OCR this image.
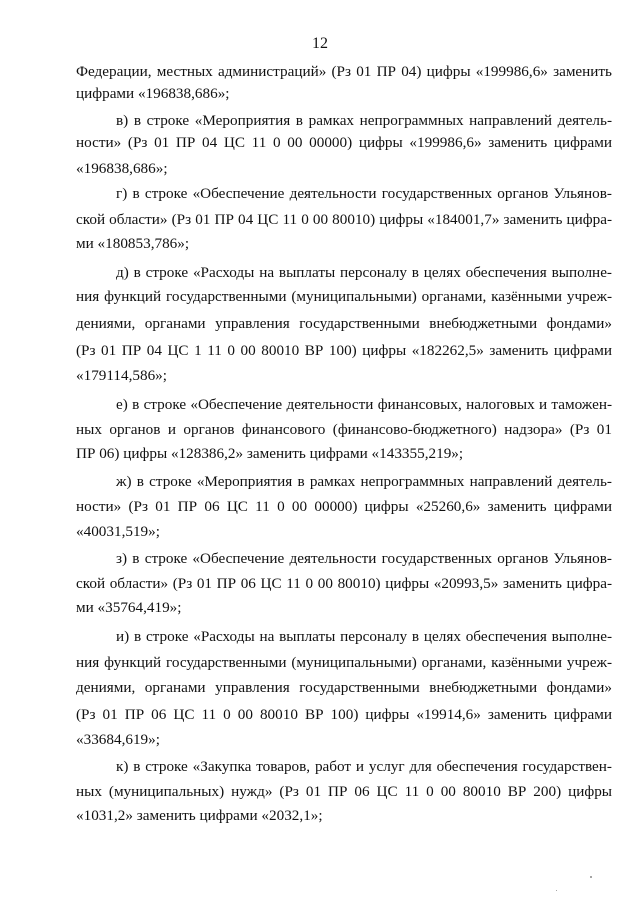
12
Федерации, местных администраций» (Рз 01 ПР 04) цифры «199986,6» заменить
цифрами «196838,686»;
в) в строке «Мероприятия в рамках непрограммных направлений деятель-
ности» (Рз 01 ПР 04 ЦС 11 0 00 00000) цифры «199986,6» заменить цифрами
«196838,686»;
г) в строке «Обеспечение деятельности государственных органов Ульянов-
ской области» (Рз 01 ПР 04 ЦС 11 0 00 80010) цифры «184001,7» заменить цифра-
ми «180853,786»;
д) в строке «Расходы на выплаты персоналу в целях обеспечения выполне-
ния функций государственными (муниципальными) органами, казёнными учреж-
дениями, органами управления государственными внебюджетными фондами»
(Рз 01 ПР 04 ЦС 1 11 0 00 80010 ВР 100) цифры «182262,5» заменить цифрами
«179114,586»;
е) в строке «Обеспечение деятельности финансовых, налоговых и таможен-
ных органов и органов финансового (финансово-бюджетного) надзора» (Рз 01
ПР 06) цифры «128386,2» заменить цифрами «143355,219»;
ж) в строке «Мероприятия в рамках непрограммных направлений деятель-
ности» (Рз 01 ПР 06 ЦС 11 0 00 00000) цифры «25260,6» заменить цифрами
«40031,519»;
з) в строке «Обеспечение деятельности государственных органов Ульянов-
ской области» (Рз 01 ПР 06 ЦС 11 0 00 80010) цифры «20993,5» заменить цифра-
ми «35764,419»;
и) в строке «Расходы на выплаты персоналу в целях обеспечения выполне-
ния функций государственными (муниципальными) органами, казёнными учреж-
дениями, органами управления государственными внебюджетными фондами»
(Рз 01 ПР 06 ЦС 11 0 00 80010 ВР 100) цифры «19914,6» заменить цифрами
«33684,619»;
к) в строке «Закупка товаров, работ и услуг для обеспечения государствен-
ных (муниципальных) нужд» (Рз 01 ПР 06 ЦС 11 0 00 80010 ВР 200) цифры
«1031,2» заменить цифрами «2032,1»;
